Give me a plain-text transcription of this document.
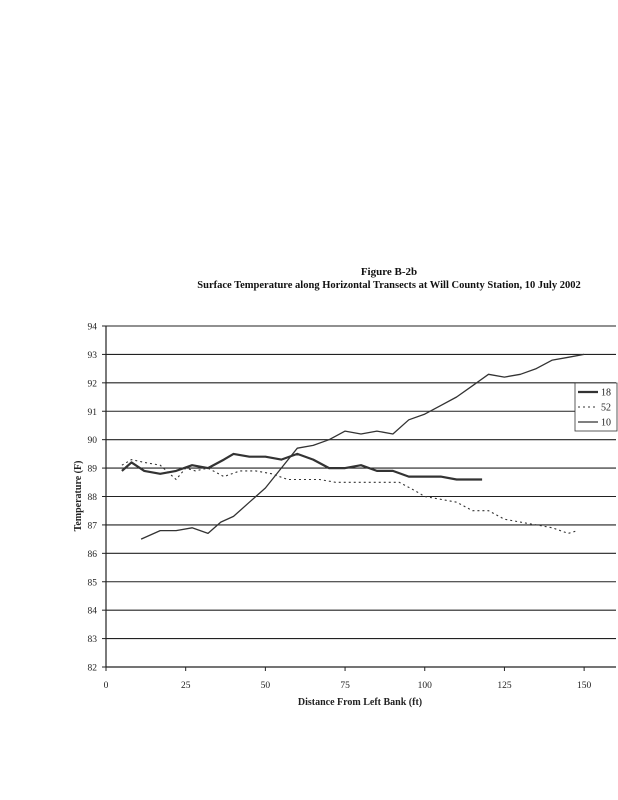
Figure B-2b
Surface Temperature along Horizontal Transects at Will County Station, 10 July 2002
82
83
84
85
86
87
88
89
90
91
92
93
94
0	25	50	75	100	125	150
18
52
10
Distance From Left Bank (ft)
Temperature (F)
